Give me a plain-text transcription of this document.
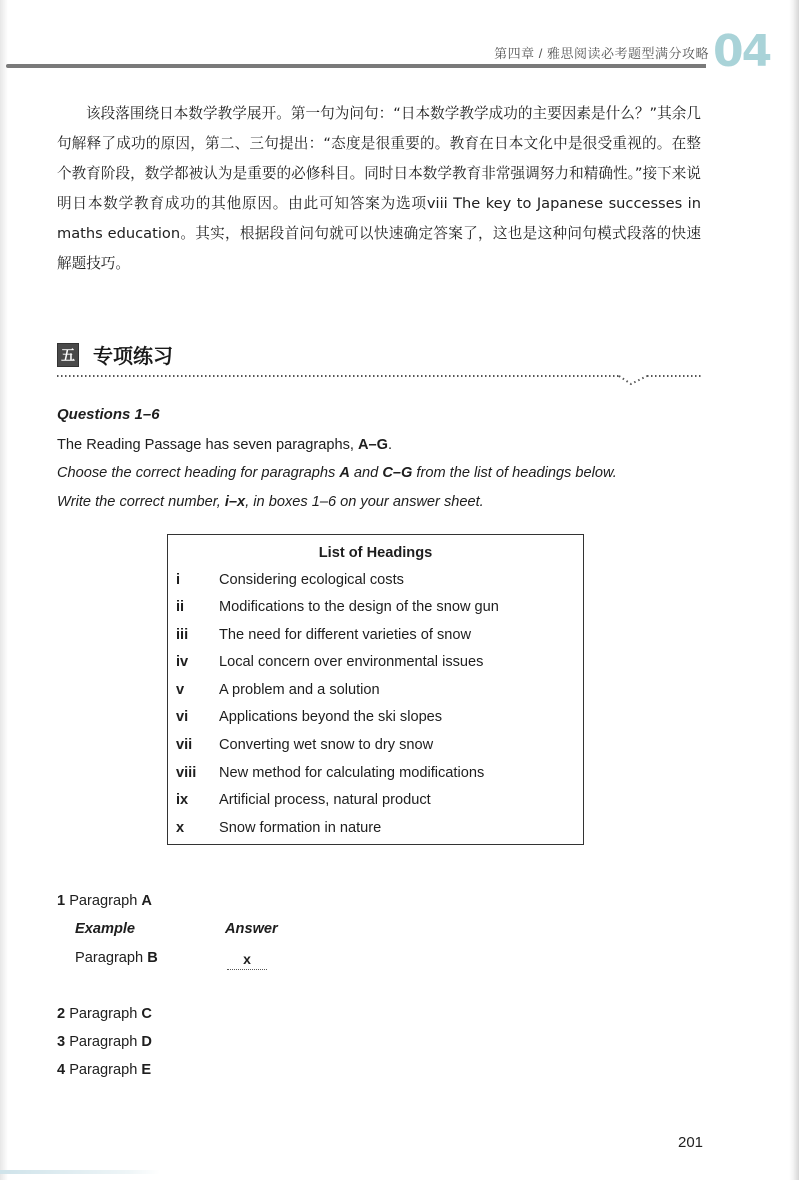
第四章 / 雅思阅读必考题型满分攻略 04
该段落围绕日本数学教学展开。第一句为问句：“日本数学教学成功的主要因素是什么？”其余几句解释了成功的原因，第二、三句提出：“态度是很重要的。教育在日本文化中是很受重视的。在整个教育阶段，数学都被认为是重要的必修科目。同时日本数学教育非常强调努力和精确性。”接下来说明日本数学教育成功的其他原因。由此可知答案为选项viii The key to Japanese successes in maths education。其实，根据段首问句就可以快速确定答案了，这也是这种问句模式段落的快速解题技巧。
五 专项练习
Questions 1–6
The Reading Passage has seven paragraphs, A–G.
Choose the correct heading for paragraphs A and C–G from the list of headings below.
Write the correct number, i–x, in boxes 1–6 on your answer sheet.
List of Headings
i	Considering ecological costs
ii	Modifications to the design of the snow gun
iii	The need for different varieties of snow
iv	Local concern over environmental issues
v	A problem and a solution
vi	Applications beyond the ski slopes
vii	Converting wet snow to dry snow
viii	New method for calculating modifications
ix	Artificial process, natural product
x	Snow formation in nature
1 Paragraph A
Example	Answer
Paragraph B	x
2 Paragraph C
3 Paragraph D
4 Paragraph E
201
